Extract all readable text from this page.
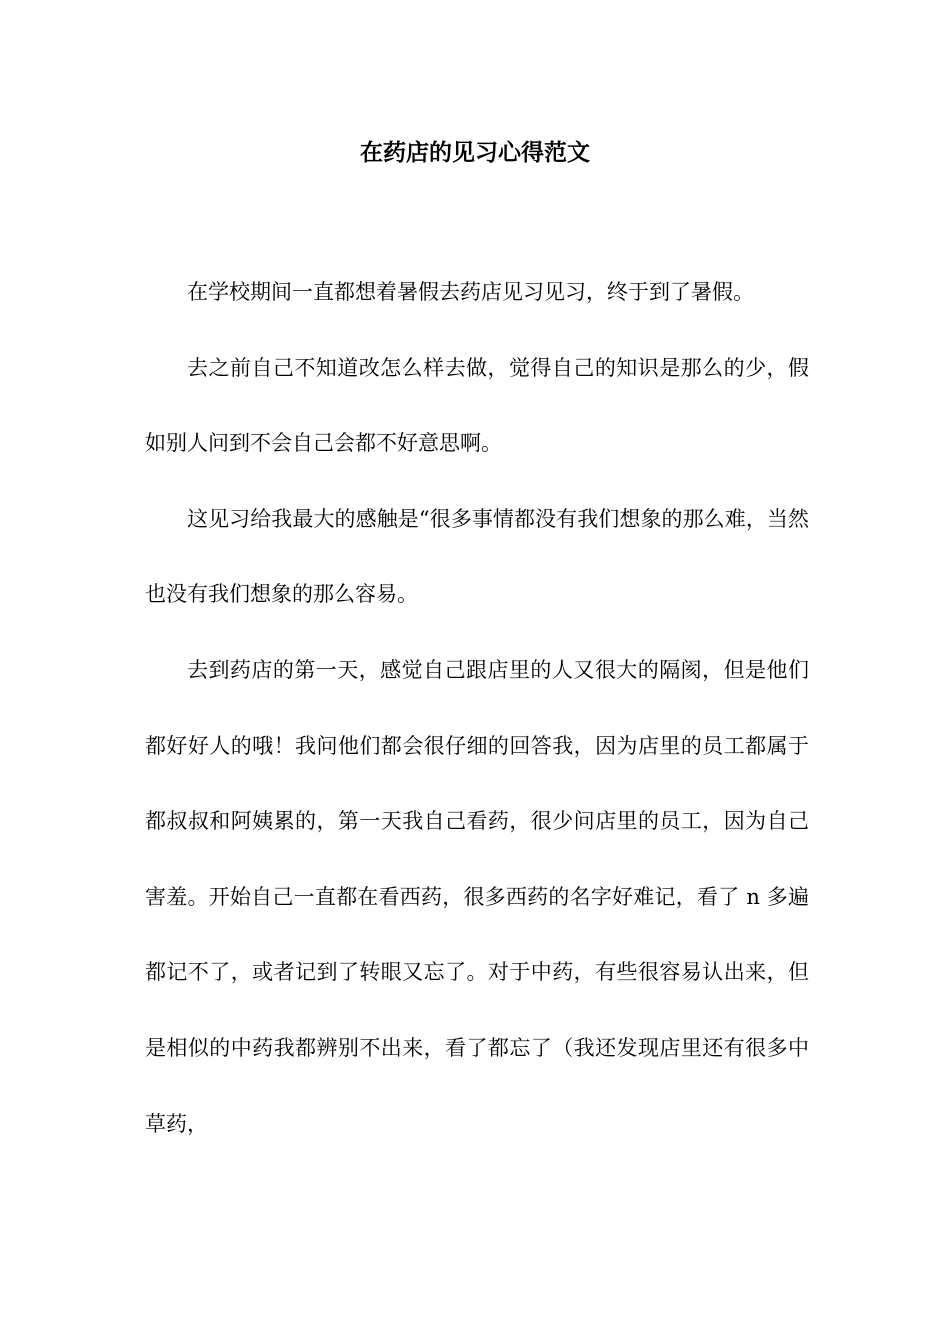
在药店的见习心得范文

在学校期间一直都想着暑假去药店见习见习，终于到了暑假。

去之前自己不知道改怎么样去做，觉得自己的知识是那么的少，假如别人问到不会自己会都不好意思啊。

这见习给我最大的感触是“很多事情都没有我们想象的那么难，当然也没有我们想象的那么容易。

去到药店的第一天，感觉自己跟店里的人又很大的隔阂，但是他们都好好人的哦！我问他们都会很仔细的回答我，因为店里的员工都属于都叔叔和阿姨累的，第一天我自己看药，很少问店里的员工，因为自己害羞。开始自己一直都在看西药，很多西药的名字好难记，看了 n 多遍都记不了，或者记到了转眼又忘了。对于中药，有些很容易认出来，但是相似的中药我都辨别不出来，看了都忘了（我还发现店里还有很多中草药，
